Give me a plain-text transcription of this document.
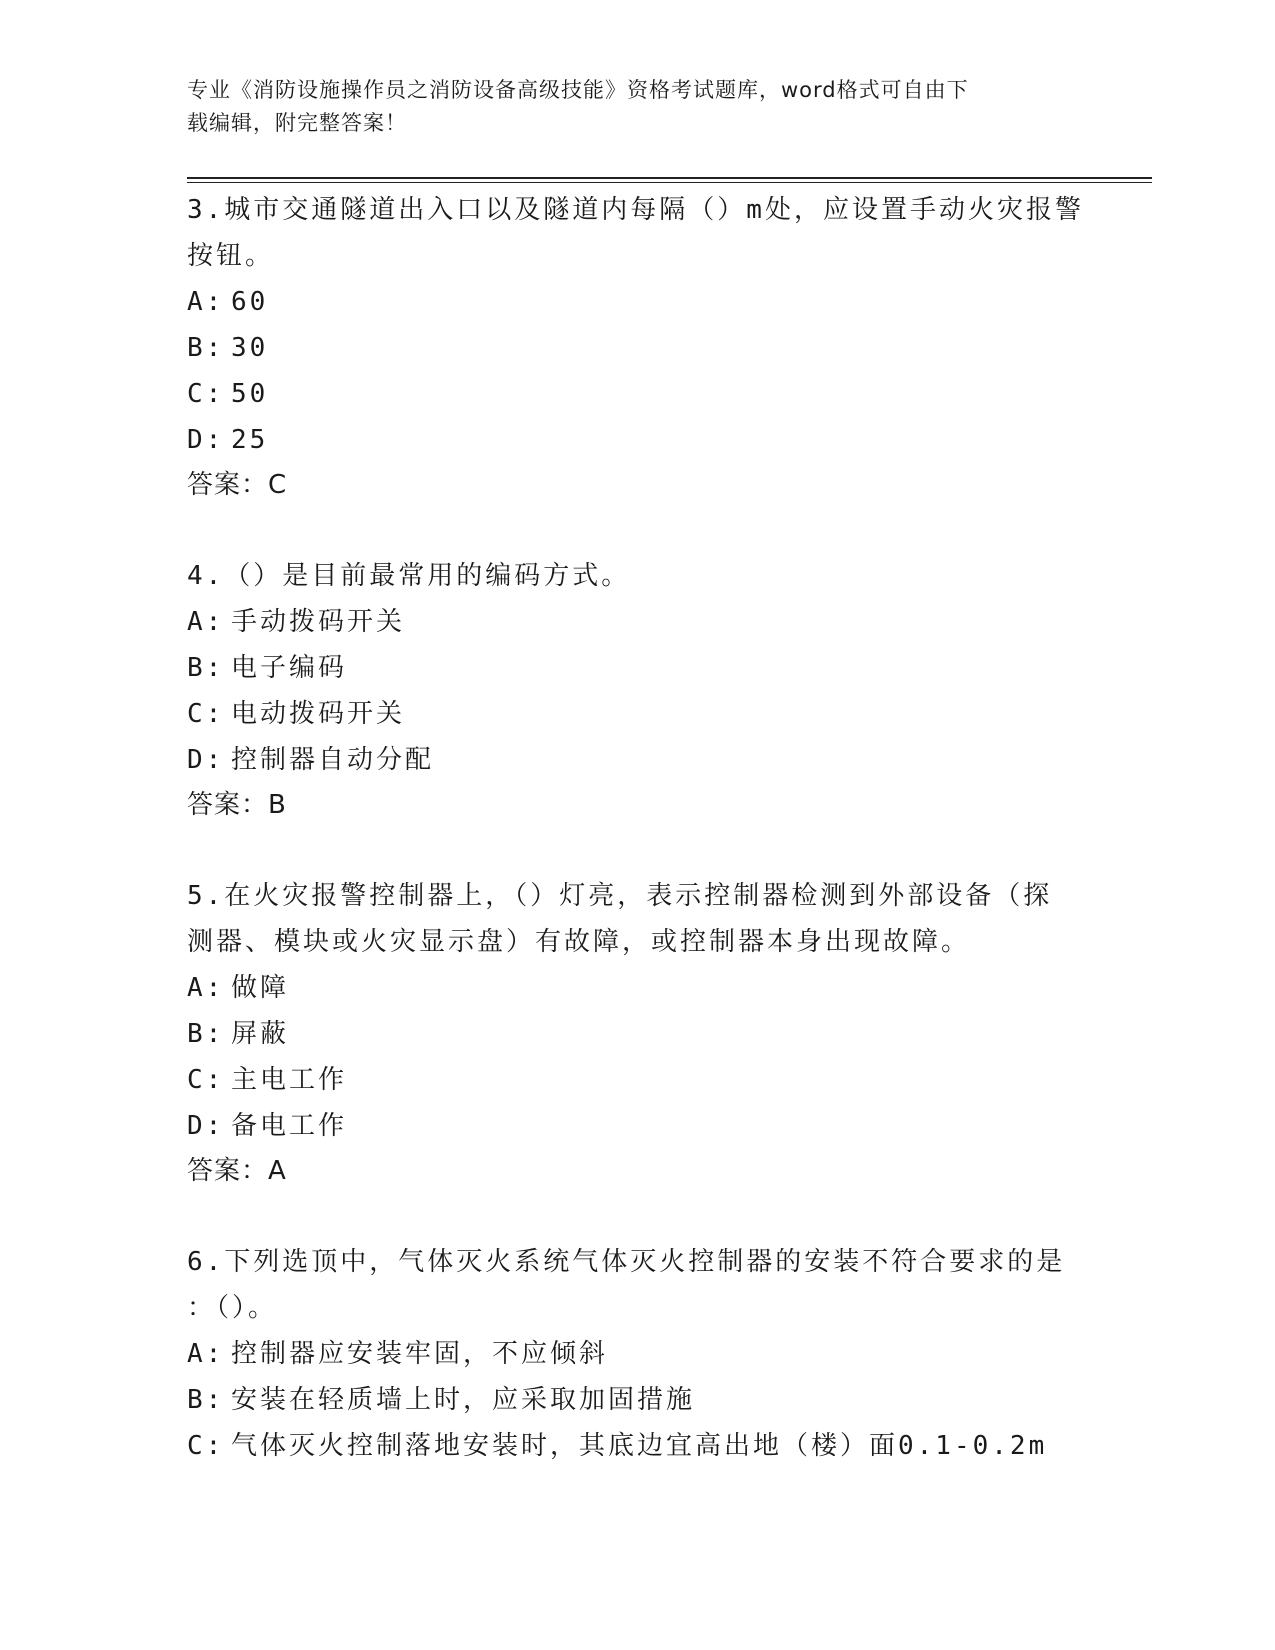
专业《消防设施操作员之消防设备高级技能》资格考试题库，word格式可自由下
载编辑，附完整答案！

3.城市交通隧道出入口以及隧道内每隔（）m处，应设置手动火灾报警
按钮。

A: 60

B: 30

C: 50

D: 25

答案：C

4.（）是目前最常用的编码方式。

A: 手动拨码开关

B: 电子编码

C: 电动拨码开关

D: 控制器自动分配

答案：B

5.在火灾报警控制器上，（）灯亮，表示控制器检测到外部设备（探
测器、模块或火灾显示盘）有故障，或控制器本身出现故障。

A: 做障

B: 屏蔽

C: 主电工作

D: 备电工作

答案：A

6.下列选顶中，气体灭火系统气体灭火控制器的安装不符合要求的是
：（）。

A: 控制器应安装牢固，不应倾斜

B: 安装在轻质墙上时，应采取加固措施

C: 气体灭火控制落地安装时，其底边宜高出地（楼）面0.1-0.2m
